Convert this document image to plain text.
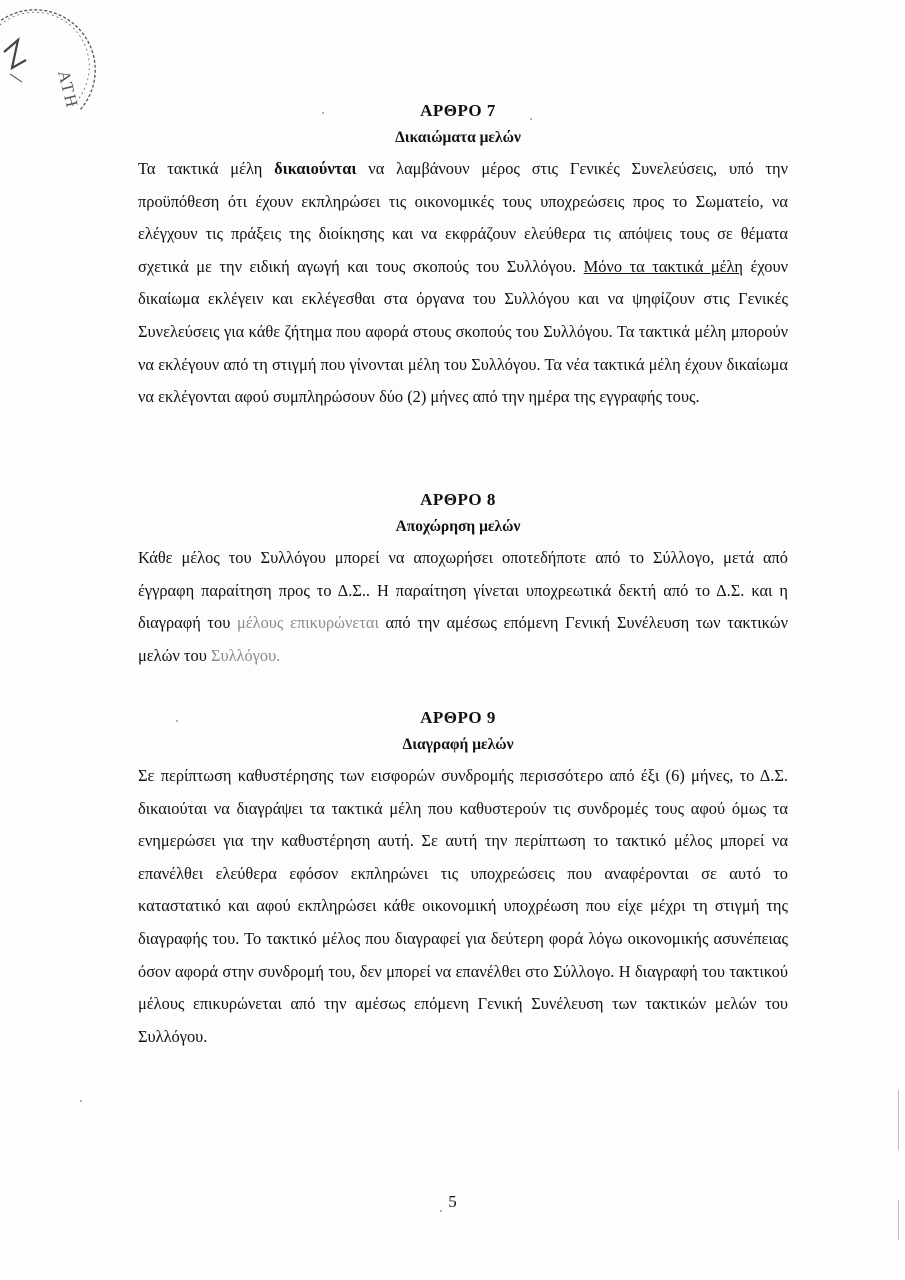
ΑΤΗ	ΑΡΘΡΟ 7
Δικαιώματα μελών

Τα τακτικά μέλη δικαιούνται να λαμβάνουν μέρος στις Γενικές Συνελεύσεις, υπό την προϋπόθεση ότι έχουν εκπληρώσει τις οικονομικές τους υποχρεώσεις προς το Σωματείο, να ελέγχουν τις πράξεις της διοίκησης και να εκφράζουν ελεύθερα τις απόψεις τους σε θέματα σχετικά με την ειδική αγωγή και τους σκοπούς του Συλλόγου. Μόνο τα τακτικά μέλη έχουν δικαίωμα εκλέγειν και εκλέγεσθαι στα όργανα του Συλλόγου και να ψηφίζουν στις Γενικές Συνελεύσεις για κάθε ζήτημα που αφορά στους σκοπούς του Συλλόγου. Τα τακτικά μέλη μπορούν να εκλέγουν από τη στιγμή που γίνονται μέλη του Συλλόγου. Τα νέα τακτικά μέλη έχουν δικαίωμα να εκλέγονται αφού συμπληρώσουν δύο (2) μήνες από την ημέρα της εγγραφής τους.

ΑΡΘΡΟ 8
Αποχώρηση μελών

Κάθε μέλος του Συλλόγου μπορεί να αποχωρήσει οποτεδήποτε από το Σύλλογο, μετά από έγγραφη παραίτηση προς το Δ.Σ.. Η παραίτηση γίνεται υποχρεωτικά δεκτή από το Δ.Σ. και η διαγραφή του μέλους επικυρώνεται από την αμέσως επόμενη Γενική Συνέλευση των τακτικών μελών του Συλλόγου.

ΑΡΘΡΟ 9
Διαγραφή μελών

Σε περίπτωση καθυστέρησης των εισφορών συνδρομής περισσότερο από έξι (6) μήνες, το Δ.Σ. δικαιούται να διαγράψει τα τακτικά μέλη που καθυστερούν τις συνδρομές τους αφού όμως τα ενημερώσει για την καθυστέρηση αυτή. Σε αυτή την περίπτωση το τακτικό μέλος μπορεί να επανέλθει ελεύθερα εφόσον εκπληρώνει τις υποχρεώσεις που αναφέρονται σε αυτό το καταστατικό και αφού εκπληρώσει κάθε οικονομική υποχρέωση που είχε μέχρι τη στιγμή της διαγραφής του. Το τακτικό μέλος που διαγραφεί για δεύτερη φορά λόγω οικονομικής ασυνέπειας όσον αφορά στην συνδρομή του, δεν μπορεί να επανέλθει στο Σύλλογο. Η διαγραφή του τακτικού μέλους επικυρώνεται από την αμέσως επόμενη Γενική Συνέλευση των τακτικών μελών του Συλλόγου.

5
